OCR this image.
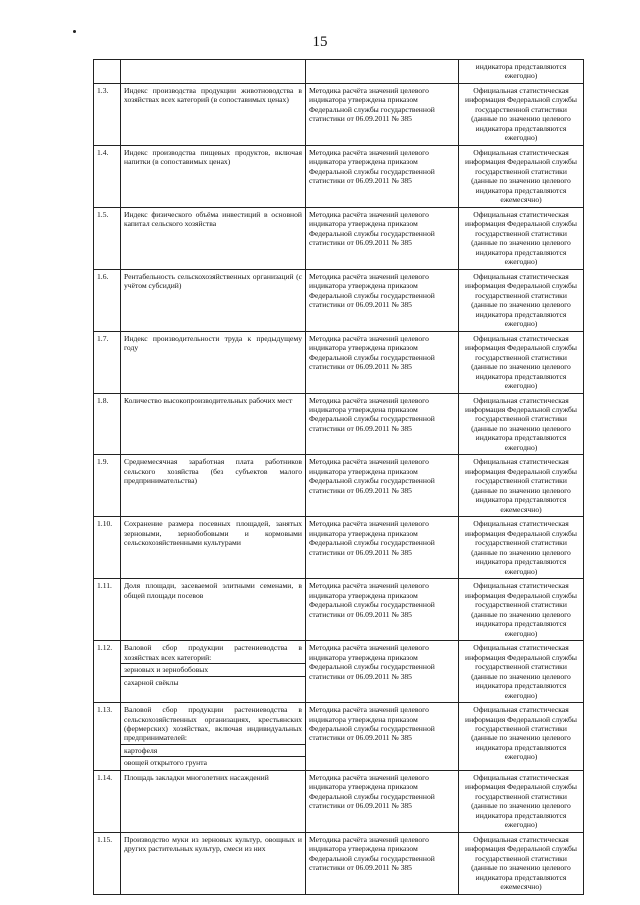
15
			индикатора представляются ежегодно)
1.3.	Индекс производства продукции животноводства в хозяйствах всех категорий (в сопоставимых ценах)	Методика расчёта значений целевого индикатора утверждена приказом Федеральной службы государственной статистики от 06.09.2011 № 385	Официальная статистическая информация Федеральной службы государственной статистики (данные по значению целевого индикатора представляются ежегодно)
1.4.	Индекс производства пищевых продуктов, включая напитки (в сопоставимых ценах)	Методика расчёта значений целевого индикатора утверждена приказом Федеральной службы государственной статистики от 06.09.2011 № 385	Официальная статистическая информация Федеральной службы государственной статистики (данные по значению целевого индикатора представляются ежемесячно)
1.5.	Индекс физического объёма инвестиций в основной капитал сельского хозяйства	Методика расчёта значений целевого индикатора утверждена приказом Федеральной службы государственной статистики от 06.09.2011 № 385	Официальная статистическая информация Федеральной службы государственной статистики (данные по значению целевого индикатора представляются ежегодно)
1.6.	Рентабельность сельскохозяйственных организаций (с учётом субсидий)	Методика расчёта значений целевого индикатора утверждена приказом Федеральной службы государственной статистики от 06.09.2011 № 385	Официальная статистическая информация Федеральной службы государственной статистики (данные по значению целевого индикатора представляются ежегодно)
1.7.	Индекс производительности труда к предыдущему году	Методика расчёта значений целевого индикатора утверждена приказом Федеральной службы государственной статистики от 06.09.2011 № 385	Официальная статистическая информация Федеральной службы государственной статистики (данные по значению целевого индикатора представляются ежегодно)
1.8.	Количество высокопроизводительных рабочих мест	Методика расчёта значений целевого индикатора утверждена приказом Федеральной службы государственной статистики от 06.09.2011 № 385	Официальная статистическая информация Федеральной службы государственной статистики (данные по значению целевого индикатора представляются ежегодно)
1.9.	Среднемесячная заработная плата работников сельского хозяйства (без субъектов малого предпринимательства)	Методика расчёта значений целевого индикатора утверждена приказом Федеральной службы государственной статистики от 06.09.2011 № 385	Официальная статистическая информация Федеральной службы государственной статистики (данные по значению целевого индикатора представляются ежемесячно)
1.10.	Сохранение размера посевных площадей, занятых зерновыми, зернобобовыми и кормовыми сельскохозяйственными культурами	Методика расчёта значений целевого индикатора утверждена приказом Федеральной службы государственной статистики от 06.09.2011 № 385	Официальная статистическая информация Федеральной службы государственной статистики (данные по значению целевого индикатора представляются ежегодно)
1.11.	Доля площади, засеваемой элитными семенами, в общей площади посевов	Методика расчёта значений целевого индикатора утверждена приказом Федеральной службы государственной статистики от 06.09.2011 № 385	Официальная статистическая информация Федеральной службы государственной статистики (данные по значению целевого индикатора представляются ежегодно)
1.12.	Валовой сбор продукции растениеводства в хозяйствах всех категорий:
зерновых и зернобобовых
сахарной свёклы	Методика расчёта значений целевого индикатора утверждена приказом Федеральной службы государственной статистики от 06.09.2011 № 385	Официальная статистическая информация Федеральной службы государственной статистики (данные по значению целевого индикатора представляются ежегодно)
1.13.	Валовой сбор продукции растениеводства в сельскохозяйственных организациях, крестьянских (фермерских) хозяйствах, включая индивидуальных предпринимателей:
картофеля
овощей открытого грунта	Методика расчёта значений целевого индикатора утверждена приказом Федеральной службы государственной статистики от 06.09.2011 № 385	Официальная статистическая информация Федеральной службы государственной статистики (данные по значению целевого индикатора представляются ежегодно)
1.14.	Площадь закладки многолетних насаждений	Методика расчёта значений целевого индикатора утверждена приказом Федеральной службы государственной статистики от 06.09.2011 № 385	Официальная статистическая информация Федеральной службы государственной статистики (данные по значению целевого индикатора представляются ежегодно)
1.15.	Производство муки из зерновых культур, овощных и других растительных культур, смеси из них	Методика расчёта значений целевого индикатора утверждена приказом Федеральной службы государственной статистики от 06.09.2011 № 385	Официальная статистическая информация Федеральной службы государственной статистики (данные по значению целевого индикатора представляются ежемесячно)
